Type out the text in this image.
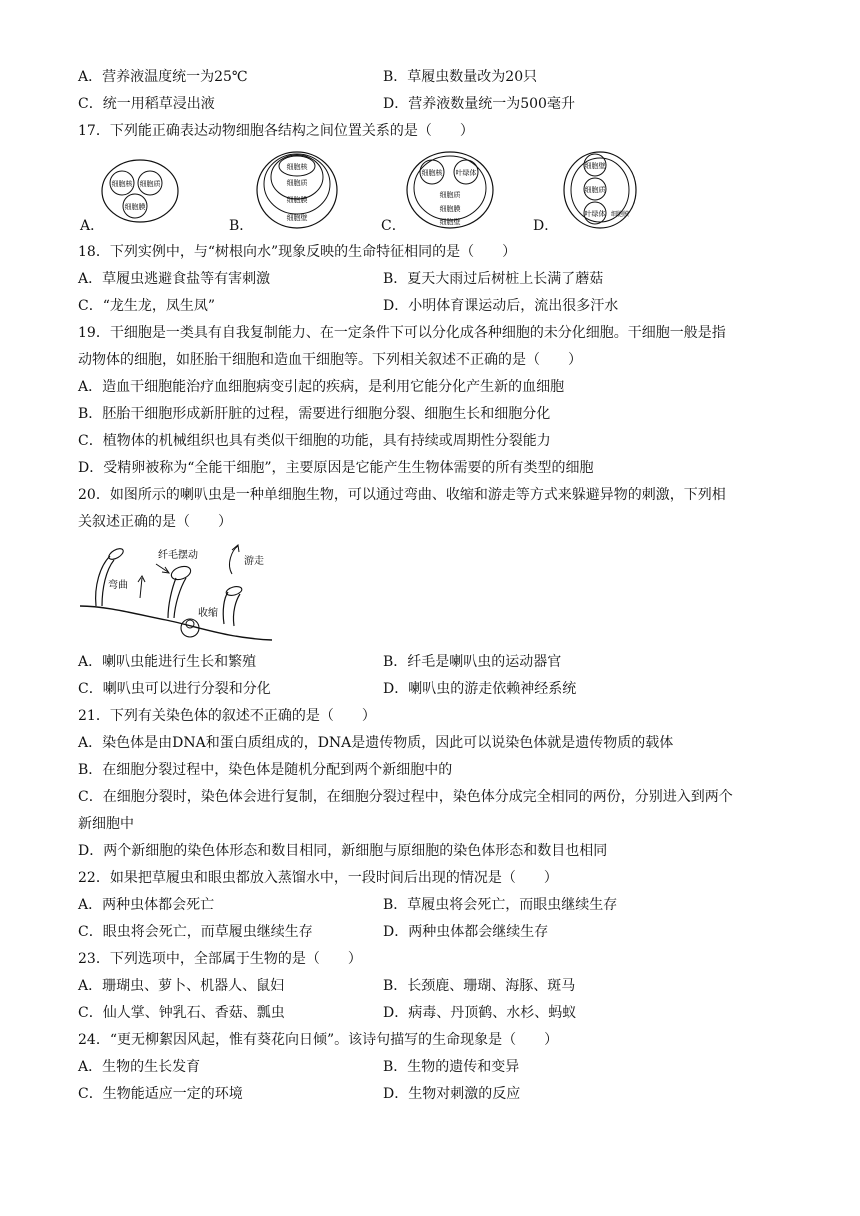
A．营养液温度统一为25℃	B．草履虫数量改为20只
C．统一用稻草浸出液	D．营养液数量统一为500毫升
17．下列能正确表达动物细胞各结构之间位置关系的是（　　）
细胞核 细胞质
细胞膜
A．
细胞核
细胞质
细胞膜
细胞壁
B．
细胞核 叶绿体
细胞质
细胞膜
细胞壁
C．
细胞壁
细胞质
叶绿体 细胞膜
D．
18．下列实例中，与“树根向水”现象反映的生命特征相同的是（　　）
A．草履虫逃避食盐等有害刺激	B．夏天大雨过后树桩上长满了蘑菇
C．“龙生龙，凤生凤”	D．小明体育课运动后，流出很多汗水
19．干细胞是一类具有自我复制能力、在一定条件下可以分化成各种细胞的未分化细胞。干细胞一般是指
动物体的细胞，如胚胎干细胞和造血干细胞等。下列相关叙述不正确的是（　　）
A．造血干细胞能治疗血细胞病变引起的疾病，是利用它能分化产生新的血细胞
B．胚胎干细胞形成新肝脏的过程，需要进行细胞分裂、细胞生长和细胞分化
C．植物体的机械组织也具有类似干细胞的功能，具有持续或周期性分裂能力
D．受精卵被称为“全能干细胞”，主要原因是它能产生生物体需要的所有类型的细胞
20．如图所示的喇叭虫是一种单细胞生物，可以通过弯曲、收缩和游走等方式来躲避异物的刺激，下列相
关叙述正确的是（　　）
纤毛摆动
弯曲
游走
收缩
A．喇叭虫能进行生长和繁殖	B．纤毛是喇叭虫的运动器官
C．喇叭虫可以进行分裂和分化	D．喇叭虫的游走依赖神经系统
21．下列有关染色体的叙述不正确的是（　　）
A．染色体是由DNA和蛋白质组成的，DNA是遗传物质，因此可以说染色体就是遗传物质的载体
B．在细胞分裂过程中，染色体是随机分配到两个新细胞中的
C．在细胞分裂时，染色体会进行复制，在细胞分裂过程中，染色体分成完全相同的两份，分别进入到两个
新细胞中
D．两个新细胞的染色体形态和数目相同，新细胞与原细胞的染色体形态和数目也相同
22．如果把草履虫和眼虫都放入蒸馏水中，一段时间后出现的情况是（　　）
A．两种虫体都会死亡	B．草履虫将会死亡，而眼虫继续生存
C．眼虫将会死亡，而草履虫继续生存	D．两种虫体都会继续生存
23．下列选项中，全部属于生物的是（　　）
A．珊瑚虫、萝卜、机器人、鼠妇	B．长颈鹿、珊瑚、海豚、斑马
C．仙人掌、钟乳石、香菇、瓢虫	D．病毒、丹顶鹤、水杉、蚂蚁
24．“更无柳絮因风起，惟有葵花向日倾”。该诗句描写的生命现象是（　　）
A．生物的生长发育	B．生物的遗传和变异
C．生物能适应一定的环境	D．生物对刺激的反应
